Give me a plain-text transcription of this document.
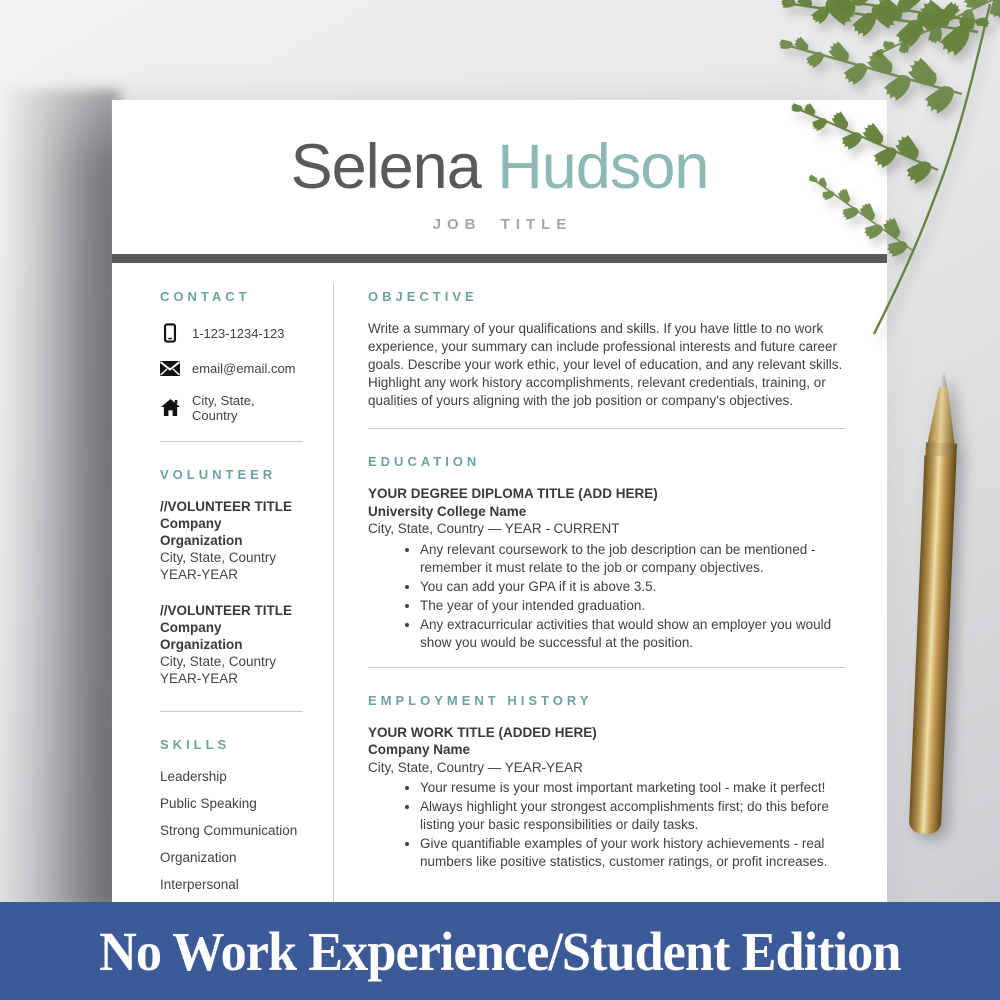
Selena Hudson
JOB TITLE
CONTACT
1-123-1234-123
email@email.com
City, State, Country
VOLUNTEER
//VOLUNTEER TITLE
Company Organization
City, State, Country
YEAR-YEAR
//VOLUNTEER TITLE
Company Organization
City, State, Country
YEAR-YEAR
SKILLS
Leadership
Public Speaking
Strong Communication
Organization
Interpersonal
OBJECTIVE

Write a summary of your qualifications and skills. If you have little to no work experience, your summary can include professional interests and future career goals. Describe your work ethic, your level of education, and any relevant skills. Highlight any work history accomplishments, relevant credentials, training, or qualities of yours aligning with the job position or company's objectives.

EDUCATION
YOUR DEGREE DIPLOMA TITLE (ADD HERE)
University College Name
City, State, Country — YEAR - CURRENT
• Any relevant coursework to the job description can be mentioned - remember it must relate to the job or company objectives.
• You can add your GPA if it is above 3.5.
• The year of your intended graduation.
• Any extracurricular activities that would show an employer you would show you would be successful at the position.
EMPLOYMENT HISTORY
YOUR WORK TITLE (ADDED HERE)
Company Name
City, State, Country — YEAR-YEAR
• Your resume is your most important marketing tool - make it perfect!
• Always highlight your strongest accomplishments first; do this before listing your basic responsibilities or daily tasks.
• Give quantifiable examples of your work history achievements - real numbers like positive statistics, customer ratings, or profit increases.
No Work Experience/Student Edition
